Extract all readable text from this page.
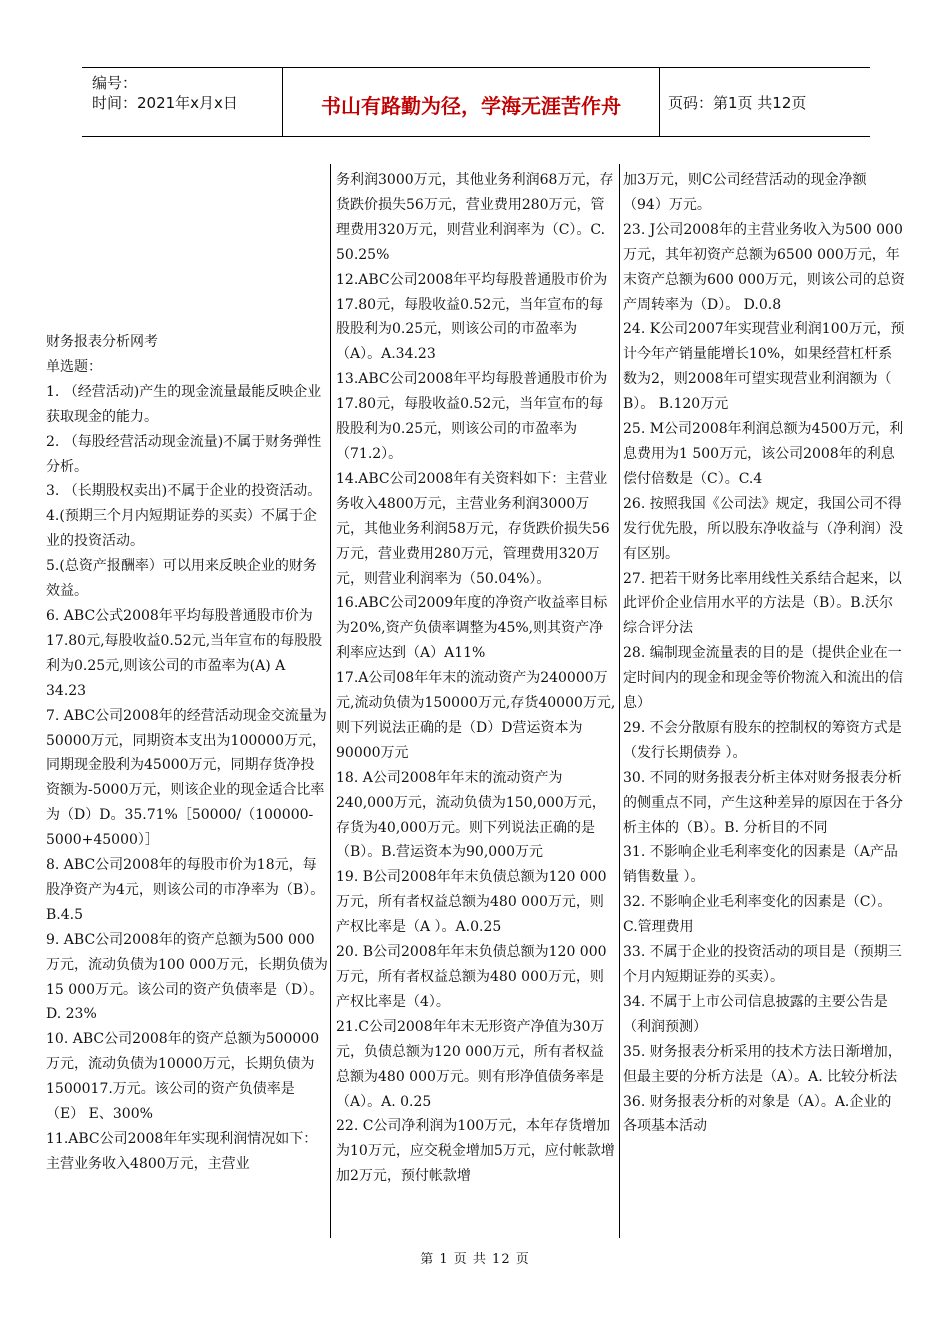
编号：
时间：2021年x月x日	书山有路勤为径，学海无涯苦作舟	页码：第1页 共12页

财务报表分析网考

单选题：

1. （经营活动)产生的现金流量最能反映企业获取现金的能力。

2. （每股经营活动现金流量)不属于财务弹性分析。

3. （长期股权卖出)不属于企业的投资活动。

4.(预期三个月内短期证券的买卖）不属于企业的投资活动。

5.(总资产报酬率）可以用来反映企业的财务效益。

6. ABC公式2008年平均每股普通股市价为17.80元,每股收益0.52元,当年宣布的每股股利为0.25元,则该公司的市盈率为(A) A 34.23

7. ABC公司2008年的经营活动现金交流量为50000万元，同期资本支出为100000万元，同期现金股利为45000万元，同期存货净投资额为-5000万元，则该企业的现金适合比率为（D）D。35.71%［50000/（100000-5000+45000）］

8. ABC公司2008年的每股市价为18元，每股净资产为4元，则该公司的市净率为（B）。B.4.5

9. ABC公司2008年的资产总额为500 000万元，流动负债为100 000万元，长期负债为15 000万元。该公司的资产负债率是（D）。D. 23%

10. ABC公司2008年的资产总额为500000万元，流动负债为10000万元，长期负债为1500017.万元。该公司的资产负债率是（E） E、300%

11.ABC公司2008年年实现利润情况如下：主营业务收入4800万元，主营业

务利润3000万元，其他业务利润68万元，存货跌价损失56万元，营业费用280万元，管理费用320万元，则营业利润率为（C）。C. 50.25%

12.ABC公司2008年平均每股普通股市价为17.80元，每股收益0.52元，当年宣布的每股股利为0.25元，则该公司的市盈率为（A）。A.34.23

13.ABC公司2008年平均每股普通股市价为17.80元，每股收益0.52元，当年宣布的每股股利为0.25元，则该公司的市盈率为（71.2）。

14.ABC公司2008年有关资料如下：主营业务收入4800万元，主营业务利润3000万元，其他业务利润58万元，存货跌价损失56万元，营业费用280万元，管理费用320万元，则营业利润率为（50.04%）。

16.ABC公司2009年度的净资产收益率目标为20%,资产负债率调整为45%,则其资产净利率应达到（A）A11%

17.A公司08年年末的流动资产为240000万元,流动负债为150000万元,存货40000万元,则下列说法正确的是（D）D营运资本为90000万元

18. A公司2008年年末的流动资产为240,000万元，流动负债为150,000万元，存货为40,000万元。则下列说法正确的是（B）。B.营运资本为90,000万元

19. B公司2008年年末负债总额为120 000万元，所有者权益总额为480 000万元，则产权比率是（A ）。A.0.25

20. B公司2008年年末负债总额为120 000万元，所有者权益总额为480 000万元，则产权比率是（4）。

21.C公司2008年年末无形资产净值为30万元，负债总额为120 000万元，所有者权益总额为480 000万元。则有形净值债务率是（A）。A. 0.25

22. C公司净利润为100万元，本年存货增加为10万元，应交税金增加5万元，应付帐款增加2万元，预付帐款增

加3万元，则C公司经营活动的现金净额（94）万元。

23. J公司2008年的主营业务收入为500 000万元，其年初资产总额为6500 000万元，年末资产总额为600 000万元，则该公司的总资产周转率为（D）。 D.0.8

24. K公司2007年实现营业利润100万元，预计今年产销量能增长10%，如果经营杠杆系数为2，则2008年可望实现营业利润额为（ B）。 B.120万元

25. M公司2008年利润总额为4500万元，利息费用为1 500万元，该公司2008年的利息偿付倍数是（C）。C.4

26. 按照我国《公司法》规定，我国公司不得发行优先股，所以股东净收益与（净利润）没有区别。

27. 把若干财务比率用线性关系结合起来，以此评价企业信用水平的方法是（B）。B.沃尔综合评分法

28. 编制现金流量表的目的是（提供企业在一定时间内的现金和现金等价物流入和流出的信息）

29. 不会分散原有股东的控制权的筹资方式是（发行长期债券 ）。

30. 不同的财务报表分析主体对财务报表分析的侧重点不同，产生这种差异的原因在于各分析主体的（B）。B. 分析目的不同

31. 不影响企业毛利率变化的因素是（A产品销售数量 ）。

32. 不影响企业毛利率变化的因素是（C）。 C.管理费用

33. 不属于企业的投资活动的项目是（预期三个月内短期证券的买卖）。

34. 不属于上市公司信息披露的主要公告是（利润预测）

35. 财务报表分析采用的技术方法日渐增加，但最主要的分析方法是（A）。A. 比较分析法

36. 财务报表分析的对象是（A）。A.企业的各项基本活动

第 1 页 共 12 页
